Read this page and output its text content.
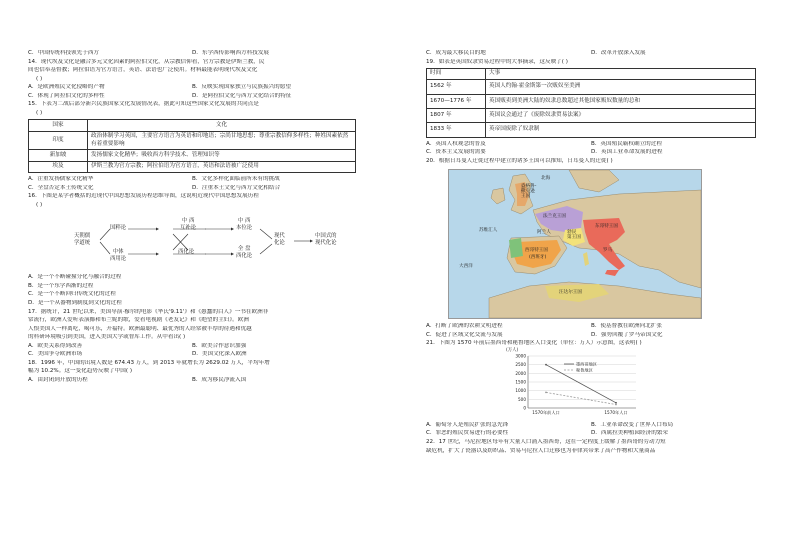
C．中国传统科技领先于西方	D．东学西传影响西方科技发展
14．现代埃及文化是融合多元文化因素的阿拉伯文化，从宗教信仰看，官方宗教是伊斯兰教，民
间也信奉基督教；阿拉伯语为官方语言，英语、法语也广泛使用。材料最能表明现代埃及文化
( )
A．是欧洲殖民文化侵略的产物	B．反映实现国家独立与民族振兴的愿望
C．体现了阿拉伯文化的多样性	D．是阿拉伯文化与西方文化结合的特征
15．下表为二战后部分新兴民族国家文化发展情况表，据此可知这些国家文化发展的共同点是
( )
国家	文化
印度	政治体制学习英国，主要官方语言为英语和印地语；宗尚甘地思想；尊重宗教信仰多样性；种姓因素依然有着重要影响
新加坡	发扬儒家文化精华；吸收西方科学技术、管理知识等
埃及	伊斯兰教为官方宗教；阿拉伯语为官方语言，英语和法语被广泛使用
A．注重发扬儒家文化精华	B．文化多样化面临前所未有的挑战
C．全盘否定本土传统文化	D．注重本土文化与西方文化相结合
16．下图是某学者概括的近现代中国思想发展历程思维导图，这说明近现代中国思想发展历程
( )
天朝儒
学道统
国粹论
中体
西用论
中 西
互补论
西化论
中 西
本位论
全 盘
西化论
现代
化论
中国式的
现代化论
A．是一个不断碰撞分化与融合的过程
B．是一个东学西渐的过程
C．是一个不断回归传统文化的过程
D．是一个从器物到制度到文化的过程
17．据统计，21 世纪以来，美国导演·穆尔的电影《华氏'9.11'》和《愚蠢的白人》一书在欧洲非
常流行，欧洲人爱听表演揶和布兰妮的歌，爱看电视剧《老友记》和《绝望的主妇》。欧洲
人恨美国人一样离吃，喝可乐，开福特。欧洲最聪明、最优秀的人经常被丰厚的待遇和优越
的科研环境吸引到美国，进入美国大学或智库工作。从中看出( )
A．欧美关系得到改善	B．欧美合作意识加强
C．美国争夺欧洲市场	D．美国文化深入欧洲
18．1996 年，中国的出境人数是 674.43 万人，到 2013 年就增长为 2629.02 万人，平均年增
幅为 10.2%。这一变化趋势反映了中国( )
A．由封闭到开放的历程	B．成为移民净流入国
C．成为最大移民目的地	D．改革开放深入发展
19．如表是英国奴隶贸易过程中的大事摘录，这反映了( )
时间	大事
1562 年	英国人约翰·霍金斯第一次贩奴至美洲
1670—1776 年	英国贩卖到美洲大陆的奴隶总数超过其他国家贩奴数量的总和
1807 年	英国议会通过了《废除奴隶贸易法案》
1833 年	英帝国废除了奴隶制
A．英国人权观念的普及	B．英国殖民霸权确立的过程
C．资本主义发展的需要	D．英国工业革命发展的进程
20．根据日耳曼人迁徙过程中建立的诸多王国可以推知，日耳曼人的迁徙( )
北海
盎格鲁-
撒克逊
王国
法兰克王国
勃艮
第王国
东哥特王国
阿兰人
苏维汇人
西哥特王国
(西班牙)
汪达尔王国
罗马
大西洋
A．打断了欧洲的农耕文明进程	B．使基督教在欧洲向北扩张
C．促进了区域文化交流与发展	D．强势回覆了罗马帝国文化
21．下图为 1570 年前后墨西哥和秘鲁地区人口变化（单位：万人）示意图，这表明( )
(万人)
3000
2500
2000
1500
1000
500
0
1570年前人口	1570年人口
墨西哥地区
秘鲁地区
A．葡萄牙人是殖民扩张的急先锋	B．工业革命改变了世界人口布局
C．罪恶的殖民贸易进行的必要性	D．西属拉美种植园经济的繁荣
22．17 世纪，马尼拉地区每年有大量人口涌入墨西哥，这在一定程度上缓解了墨西哥的劳动力短
缺危机，扩大了瓷器以及纺织品、贸易马尼拉人口迁移也为菲律宾带来了高产作物和大量商品
